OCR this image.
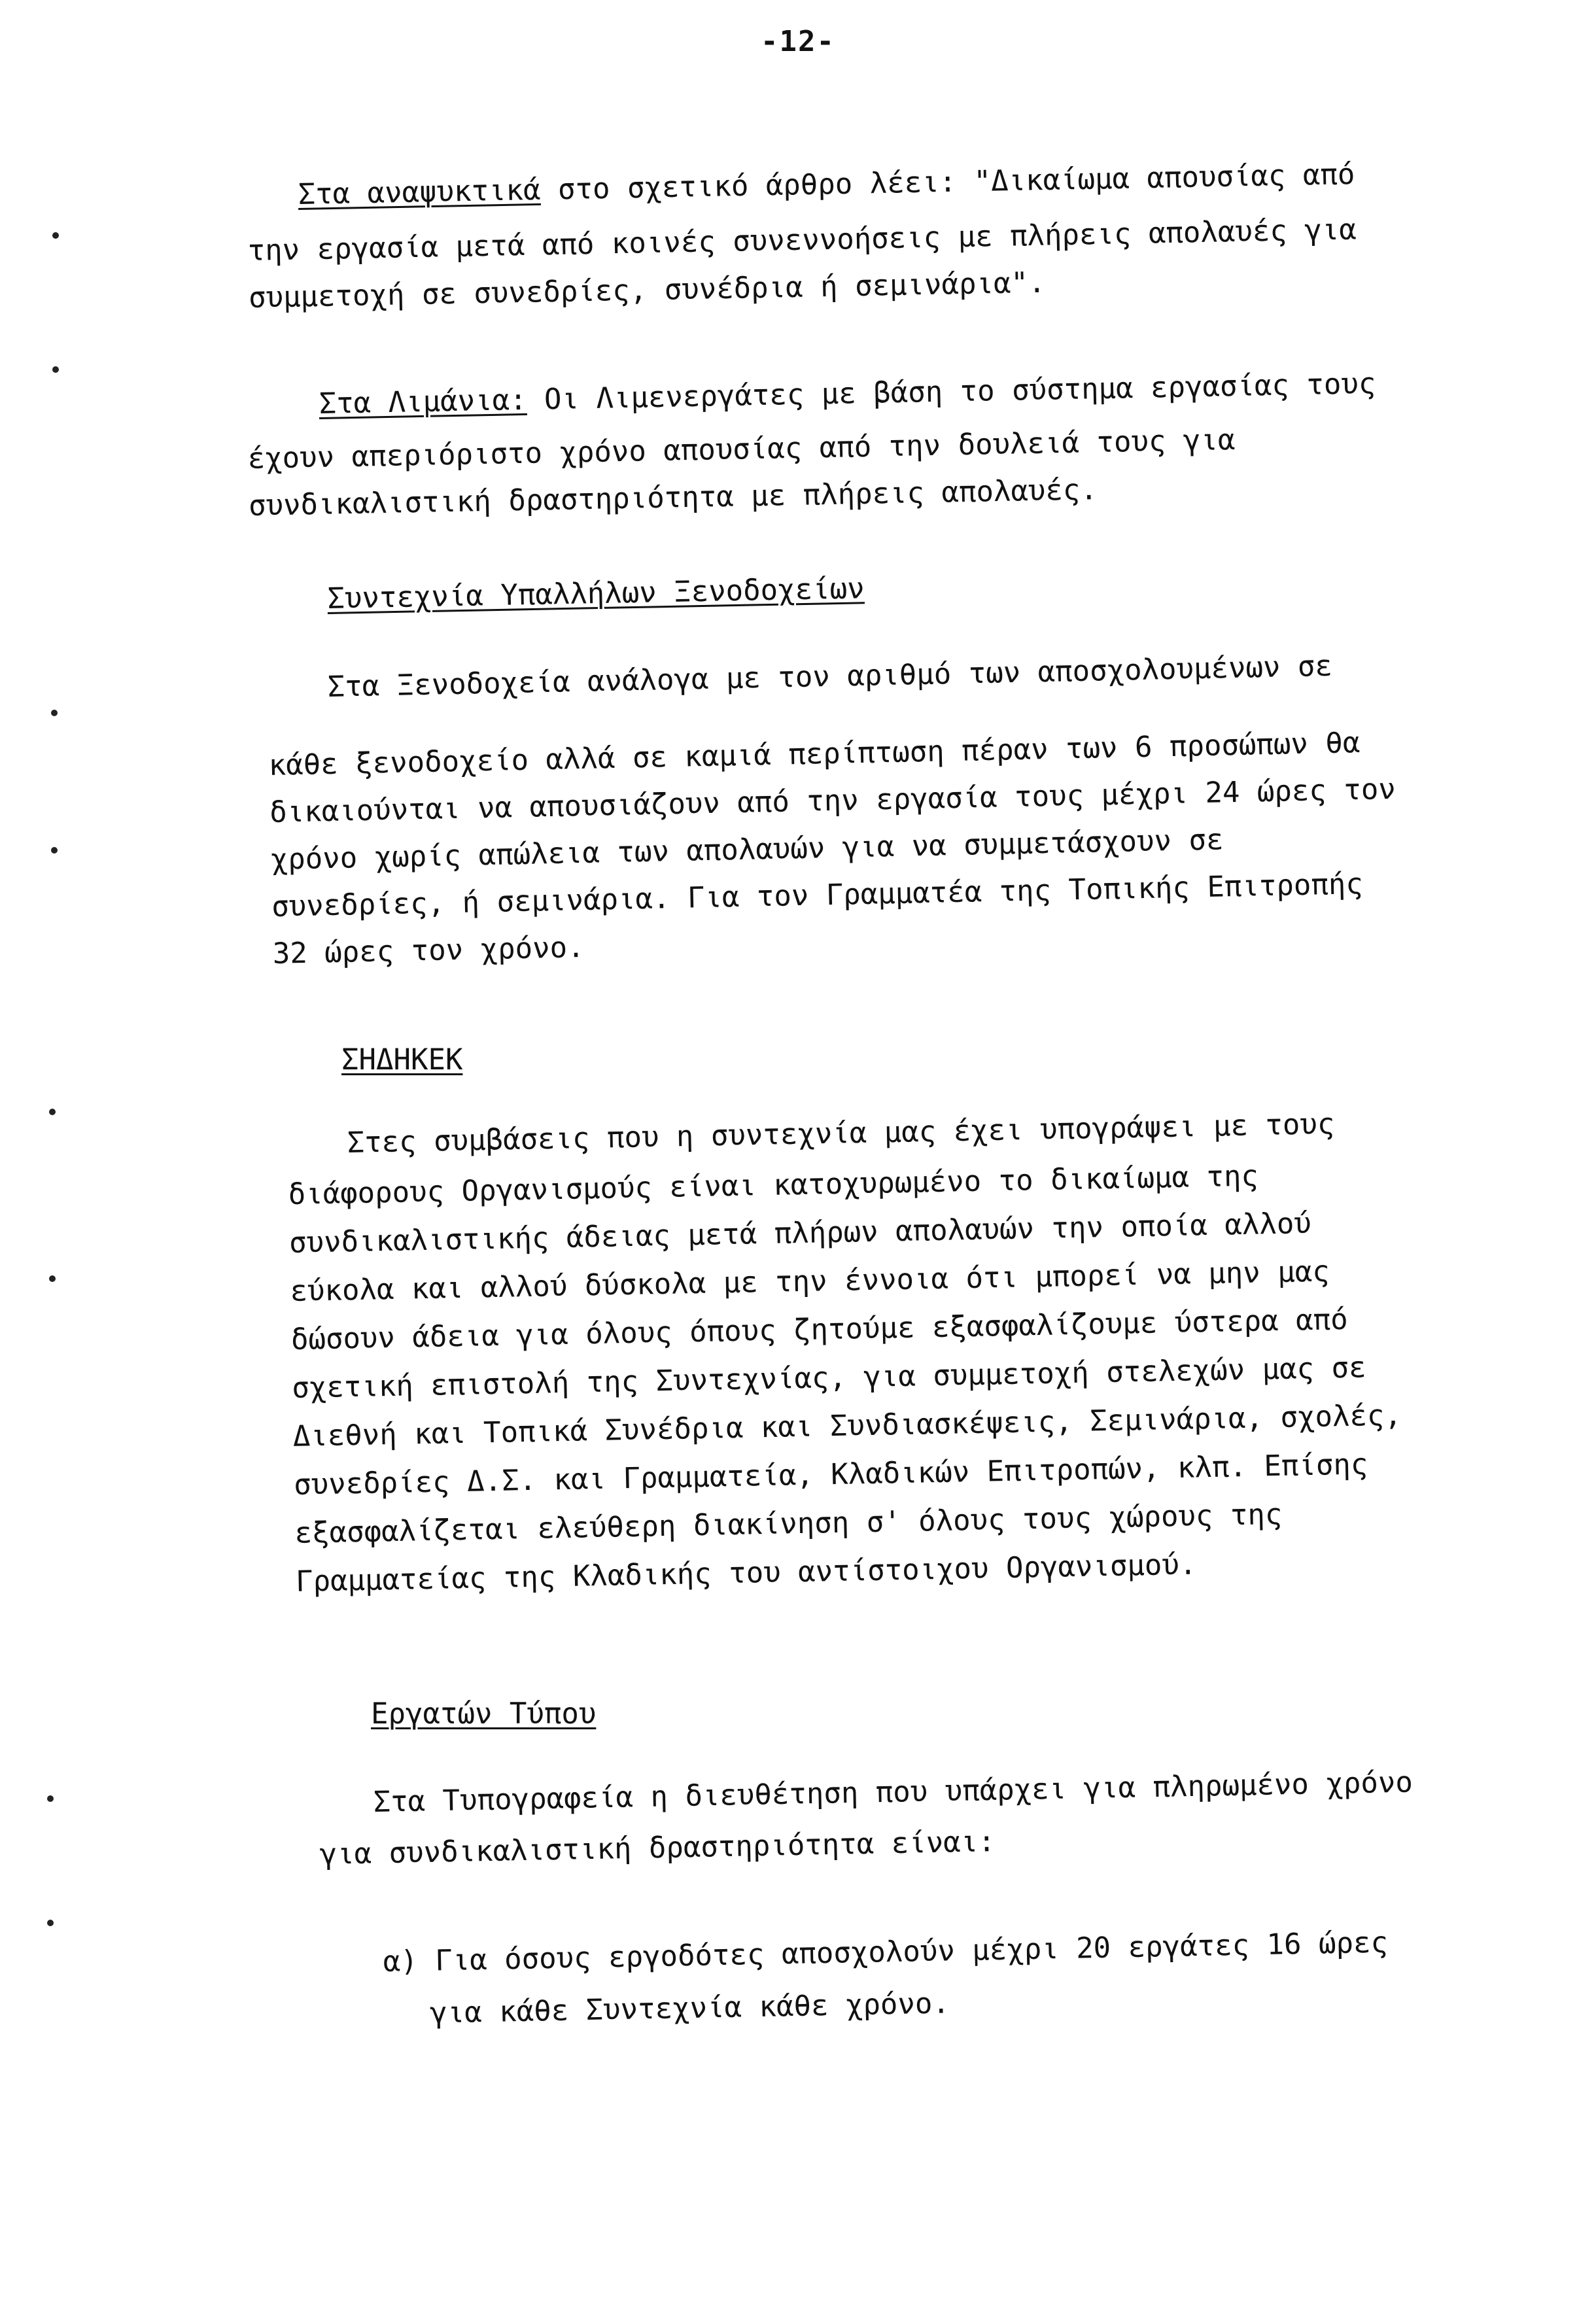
-12-
Στα αναψυκτικά στο σχετικό άρθρο λέει: "Δικαίωμα απουσίας από
την εργασία μετά από κοινές συνεννοήσεις με πλήρεις απολαυές για
συμμετοχή σε συνεδρίες, συνέδρια ή σεμινάρια".
Στα Λιμάνια: Οι Λιμενεργάτες με βάση το σύστημα εργασίας τους
έχουν απεριόριστο χρόνο απουσίας από την δουλειά τους για
συνδικαλιστική δραστηριότητα με πλήρεις απολαυές.
Συντεχνία Υπαλλήλων Ξενοδοχείων
Στα Ξενοδοχεία ανάλογα με τον αριθμό των αποσχολουμένων σε
κάθε ξενοδοχείο αλλά σε καμιά περίπτωση πέραν των 6 προσώπων θα
δικαιούνται να απουσιάζουν από την εργασία τους μέχρι 24 ώρες τον
χρόνο χωρίς απώλεια των απολαυών για να συμμετάσχουν σε
συνεδρίες, ή σεμινάρια. Για τον Γραμματέα της Τοπικής Επιτροπής
32 ώρες τον χρόνο.
ΣΗΔΗΚΕΚ
Στες συμβάσεις που η συντεχνία μας έχει υπογράψει με τους
διάφορους Οργανισμούς είναι κατοχυρωμένο το δικαίωμα της
συνδικαλιστικής άδειας μετά πλήρων απολαυών την οποία αλλού
εύκολα και αλλού δύσκολα με την έννοια ότι μπορεί να μην μας
δώσουν άδεια για όλους όπους ζητούμε εξασφαλίζουμε ύστερα από
σχετική επιστολή της Συντεχνίας, για συμμετοχή στελεχών μας σε
Διεθνή και Τοπικά Συνέδρια και Συνδιασκέψεις, Σεμινάρια, σχολές,
συνεδρίες Δ.Σ. και Γραμματεία, Κλαδικών Επιτροπών, κλπ. Επίσης
εξασφαλίζεται ελεύθερη διακίνηση σ' όλους τους χώρους της
Γραμματείας της Κλαδικής του αντίστοιχου Οργανισμού.
Εργατών Τύπου
Στα Τυπογραφεία η διευθέτηση που υπάρχει για πληρωμένο χρόνο
για συνδικαλιστική δραστηριότητα είναι:
α) Για όσους εργοδότες αποσχολούν μέχρι 20 εργάτες 16 ώρες
για κάθε Συντεχνία κάθε χρόνο.
